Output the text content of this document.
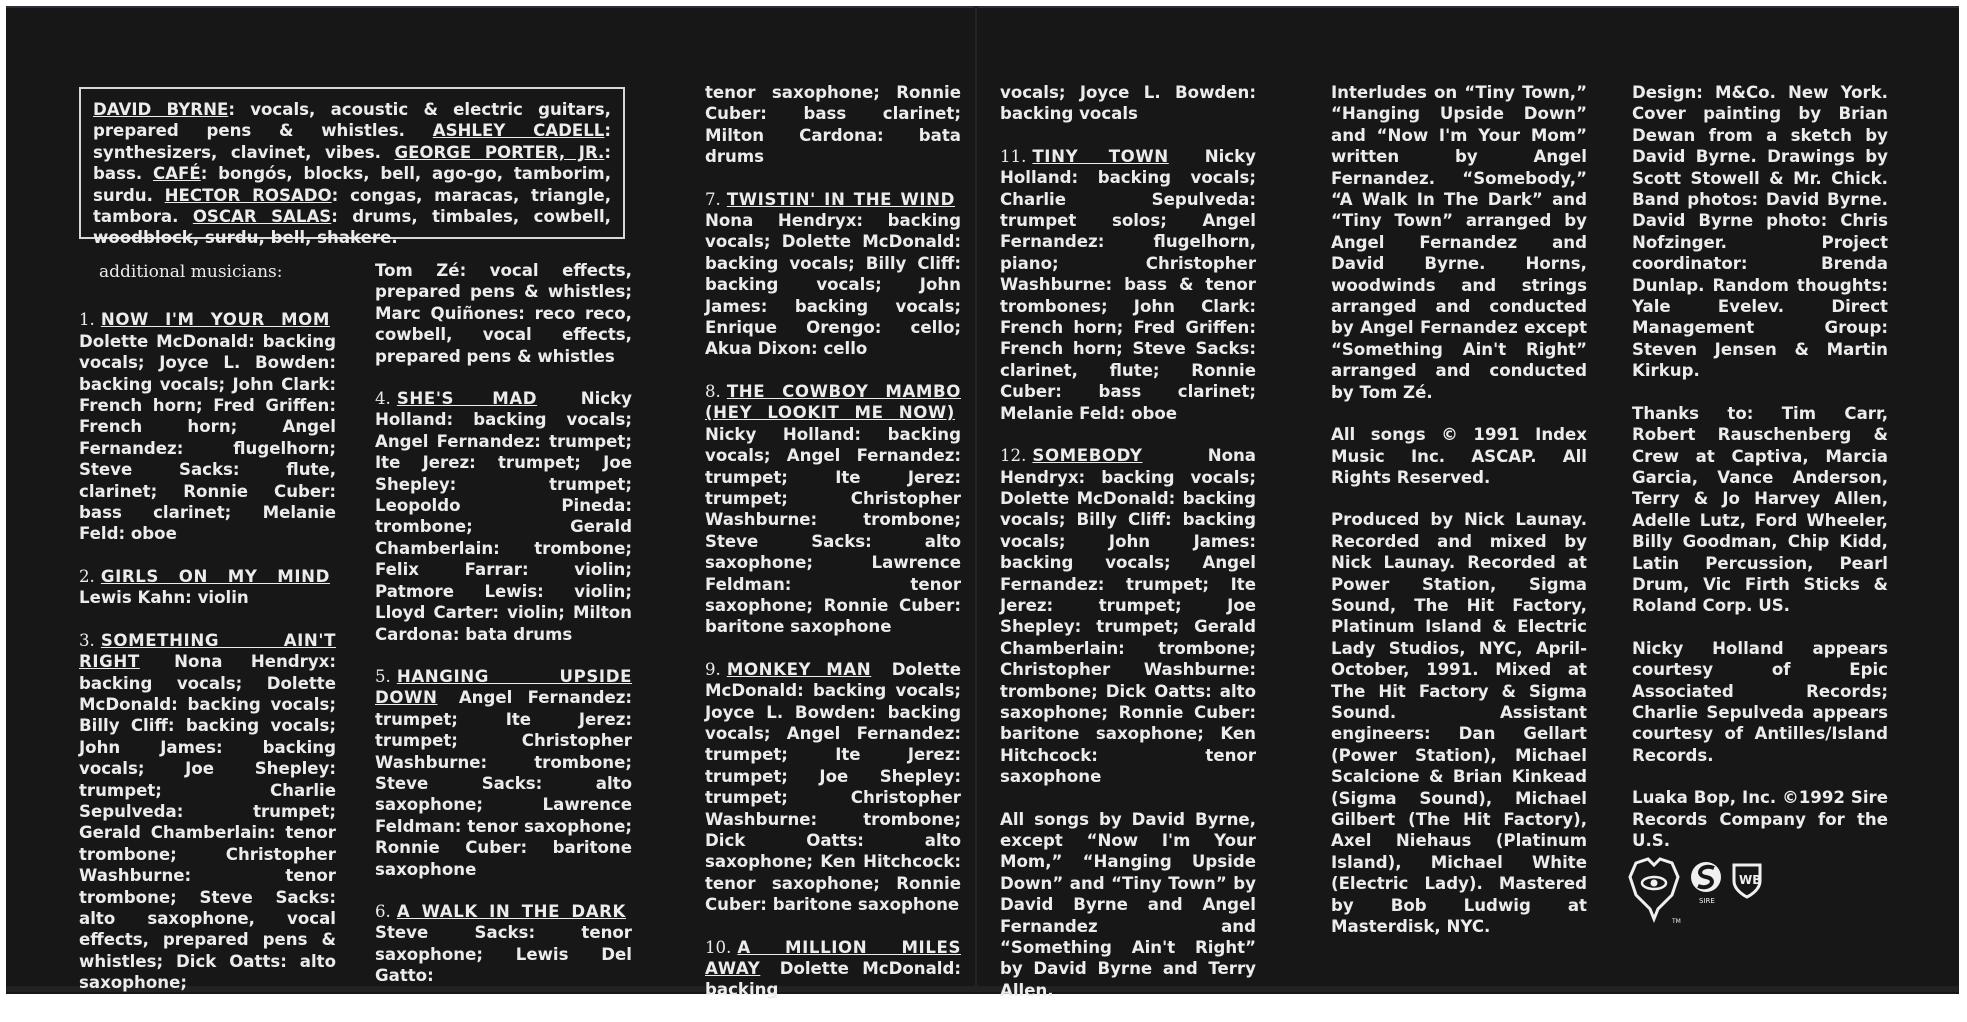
DAVID BYRNE: vocals, acoustic & electric guitars, prepared pens & whistles. ASHLEY CADELL: synthesizers, clavinet, vibes. GEORGE PORTER, JR.: bass. CAFÉ: bongós, blocks, bell, ago-go, tamborim, surdu. HECTOR ROSADO: congas, maracas, triangle, tambora. OSCAR SALAS: drums, timbales, cowbell, woodblock, surdu, bell, shakere.
additional musicians:

1. NOW I'M YOUR MOM Dolette McDonald: backing vocals; Joyce L. Bowden: backing vocals; John Clark: French horn; Fred Griffen: French horn; Angel Fernandez: flugelhorn; Steve Sacks: flute, clarinet; Ronnie Cuber: bass clarinet; Melanie Feld: oboe

2. GIRLS ON MY MIND Lewis Kahn: violin

3. SOMETHING AIN'T RIGHT Nona Hendryx: backing vocals; Dolette McDonald: backing vocals; Billy Cliff: backing vocals; John James: backing vocals; Joe Shepley: trumpet; Charlie Sepulveda: trumpet; Gerald Chamberlain: tenor trombone; Christopher Washburne: tenor trombone; Steve Sacks: alto saxophone, vocal effects, prepared pens & whistles; Dick Oatts: alto saxophone;

Tom Zé: vocal effects, prepared pens & whistles; Marc Quiñones: reco reco, cowbell, vocal effects, prepared pens & whistles

4. SHE'S MAD	Nicky Holland: backing vocals; Angel Fernandez: trumpet; Ite Jerez: trumpet; Joe Shepley: trumpet; Leopoldo Pineda: trombone; Gerald Chamberlain: trombone; Felix Farrar: violin; Patmore Lewis: violin; Lloyd Carter: violin; Milton Cardona: bata drums

5. HANGING UPSIDE DOWN Angel Fernandez: trumpet; Ite Jerez: trumpet; Christopher Washburne: trombone; Steve Sacks: alto saxophone; Lawrence Feldman: tenor saxophone; Ronnie Cuber: baritone saxophone

6. A WALK IN THE DARK Steve Sacks: tenor saxophone; Lewis Del Gatto:

tenor saxophone; Ronnie Cuber: bass clarinet; Milton Cardona: bata drums

7. TWISTIN' IN THE WIND Nona Hendryx: backing vocals; Dolette McDonald: backing vocals; Billy Cliff: backing vocals; John James: backing vocals; Enrique Orengo: cello; Akua Dixon: cello

8. THE COWBOY MAMBO (HEY LOOKIT ME NOW) Nicky Holland: backing vocals; Angel Fernandez: trumpet; Ite Jerez: trumpet; Christopher Washburne: trombone; Steve Sacks: alto saxophone; Lawrence Feldman: tenor saxophone; Ronnie Cuber: baritone saxophone

9. MONKEY MAN Dolette McDonald: backing vocals; Joyce L. Bowden: backing vocals; Angel Fernandez: trumpet; Ite Jerez: trumpet; Joe Shepley: trumpet; Christopher Washburne: trombone; Dick Oatts: alto saxophone; Ken Hitchcock: tenor saxophone; Ronnie Cuber: baritone saxophone

10. A MILLION MILES AWAY Dolette McDonald: backing

vocals; Joyce L. Bowden: backing vocals

11. TINY TOWN Nicky Holland: backing vocals; Charlie Sepulveda: trumpet solos; Angel Fernandez: flugelhorn, piano; Christopher Washburne: bass & tenor trombones; John Clark: French horn; Fred Griffen: French horn; Steve Sacks: clarinet, flute; Ronnie Cuber: bass clarinet; Melanie Feld: oboe

12. SOMEBODY	Nona Hendryx: backing vocals; Dolette McDonald: backing vocals; Billy Cliff: backing vocals; John James: backing vocals; Angel Fernandez: trumpet; Ite Jerez: trumpet; Joe Shepley: trumpet; Gerald Chamberlain: trombone; Christopher Washburne: trombone; Dick Oatts: alto saxophone; Ronnie Cuber: baritone saxophone; Ken Hitchcock: tenor saxophone

All songs by David Byrne, except “Now I'm Your Mom,” “Hanging Upside Down” and “Tiny Town” by David Byrne and Angel Fernandez and “Something Ain't Right” by David Byrne and Terry Allen.

Interludes on “Tiny Town,” “Hanging Upside Down” and “Now I'm Your Mom” written by Angel Fernandez. “Somebody,” “A Walk In The Dark” and “Tiny Town” arranged by Angel Fernandez and David Byrne. Horns, woodwinds and strings arranged and conducted by Angel Fernandez except “Something Ain't Right” arranged and conducted by Tom Zé.

All songs © 1991 Index Music Inc. ASCAP. All Rights Reserved.

Produced by Nick Launay. Recorded and mixed by Nick Launay. Recorded at Power Station, Sigma Sound, The Hit Factory, Platinum Island & Electric Lady Studios, NYC, April-October, 1991. Mixed at The Hit Factory & Sigma Sound. Assistant engineers: Dan Gellart (Power Station), Michael Scalcione & Brian Kinkead (Sigma Sound), Michael Gilbert (The Hit Factory), Axel Niehaus (Platinum Island), Michael White (Electric Lady). Mastered by Bob Ludwig at Masterdisk, NYC.

Design: M&Co. New York. Cover painting by Brian Dewan from a sketch by David Byrne. Drawings by Scott Stowell & Mr. Chick. Band photos: David Byrne. David Byrne photo: Chris Nofzinger. Project coordinator: Brenda Dunlap. Random thoughts: Yale Evelev. Direct Management Group: Steven Jensen & Martin Kirkup.

Thanks to: Tim Carr, Robert Rauschenberg & Crew at Captiva, Marcia Garcia, Vance Anderson, Terry & Jo Harvey Allen, Adelle Lutz, Ford Wheeler, Billy Goodman, Chip Kidd, Latin Percussion, Pearl Drum, Vic Firth Sticks & Roland Corp. US.

Nicky Holland appears courtesy of Epic Associated Records; Charlie Sepulveda appears courtesy of Antilles/Island Records.

Luaka Bop, Inc. ©1992 Sire Records Company for the U.S.

TM
SIRE
WB
